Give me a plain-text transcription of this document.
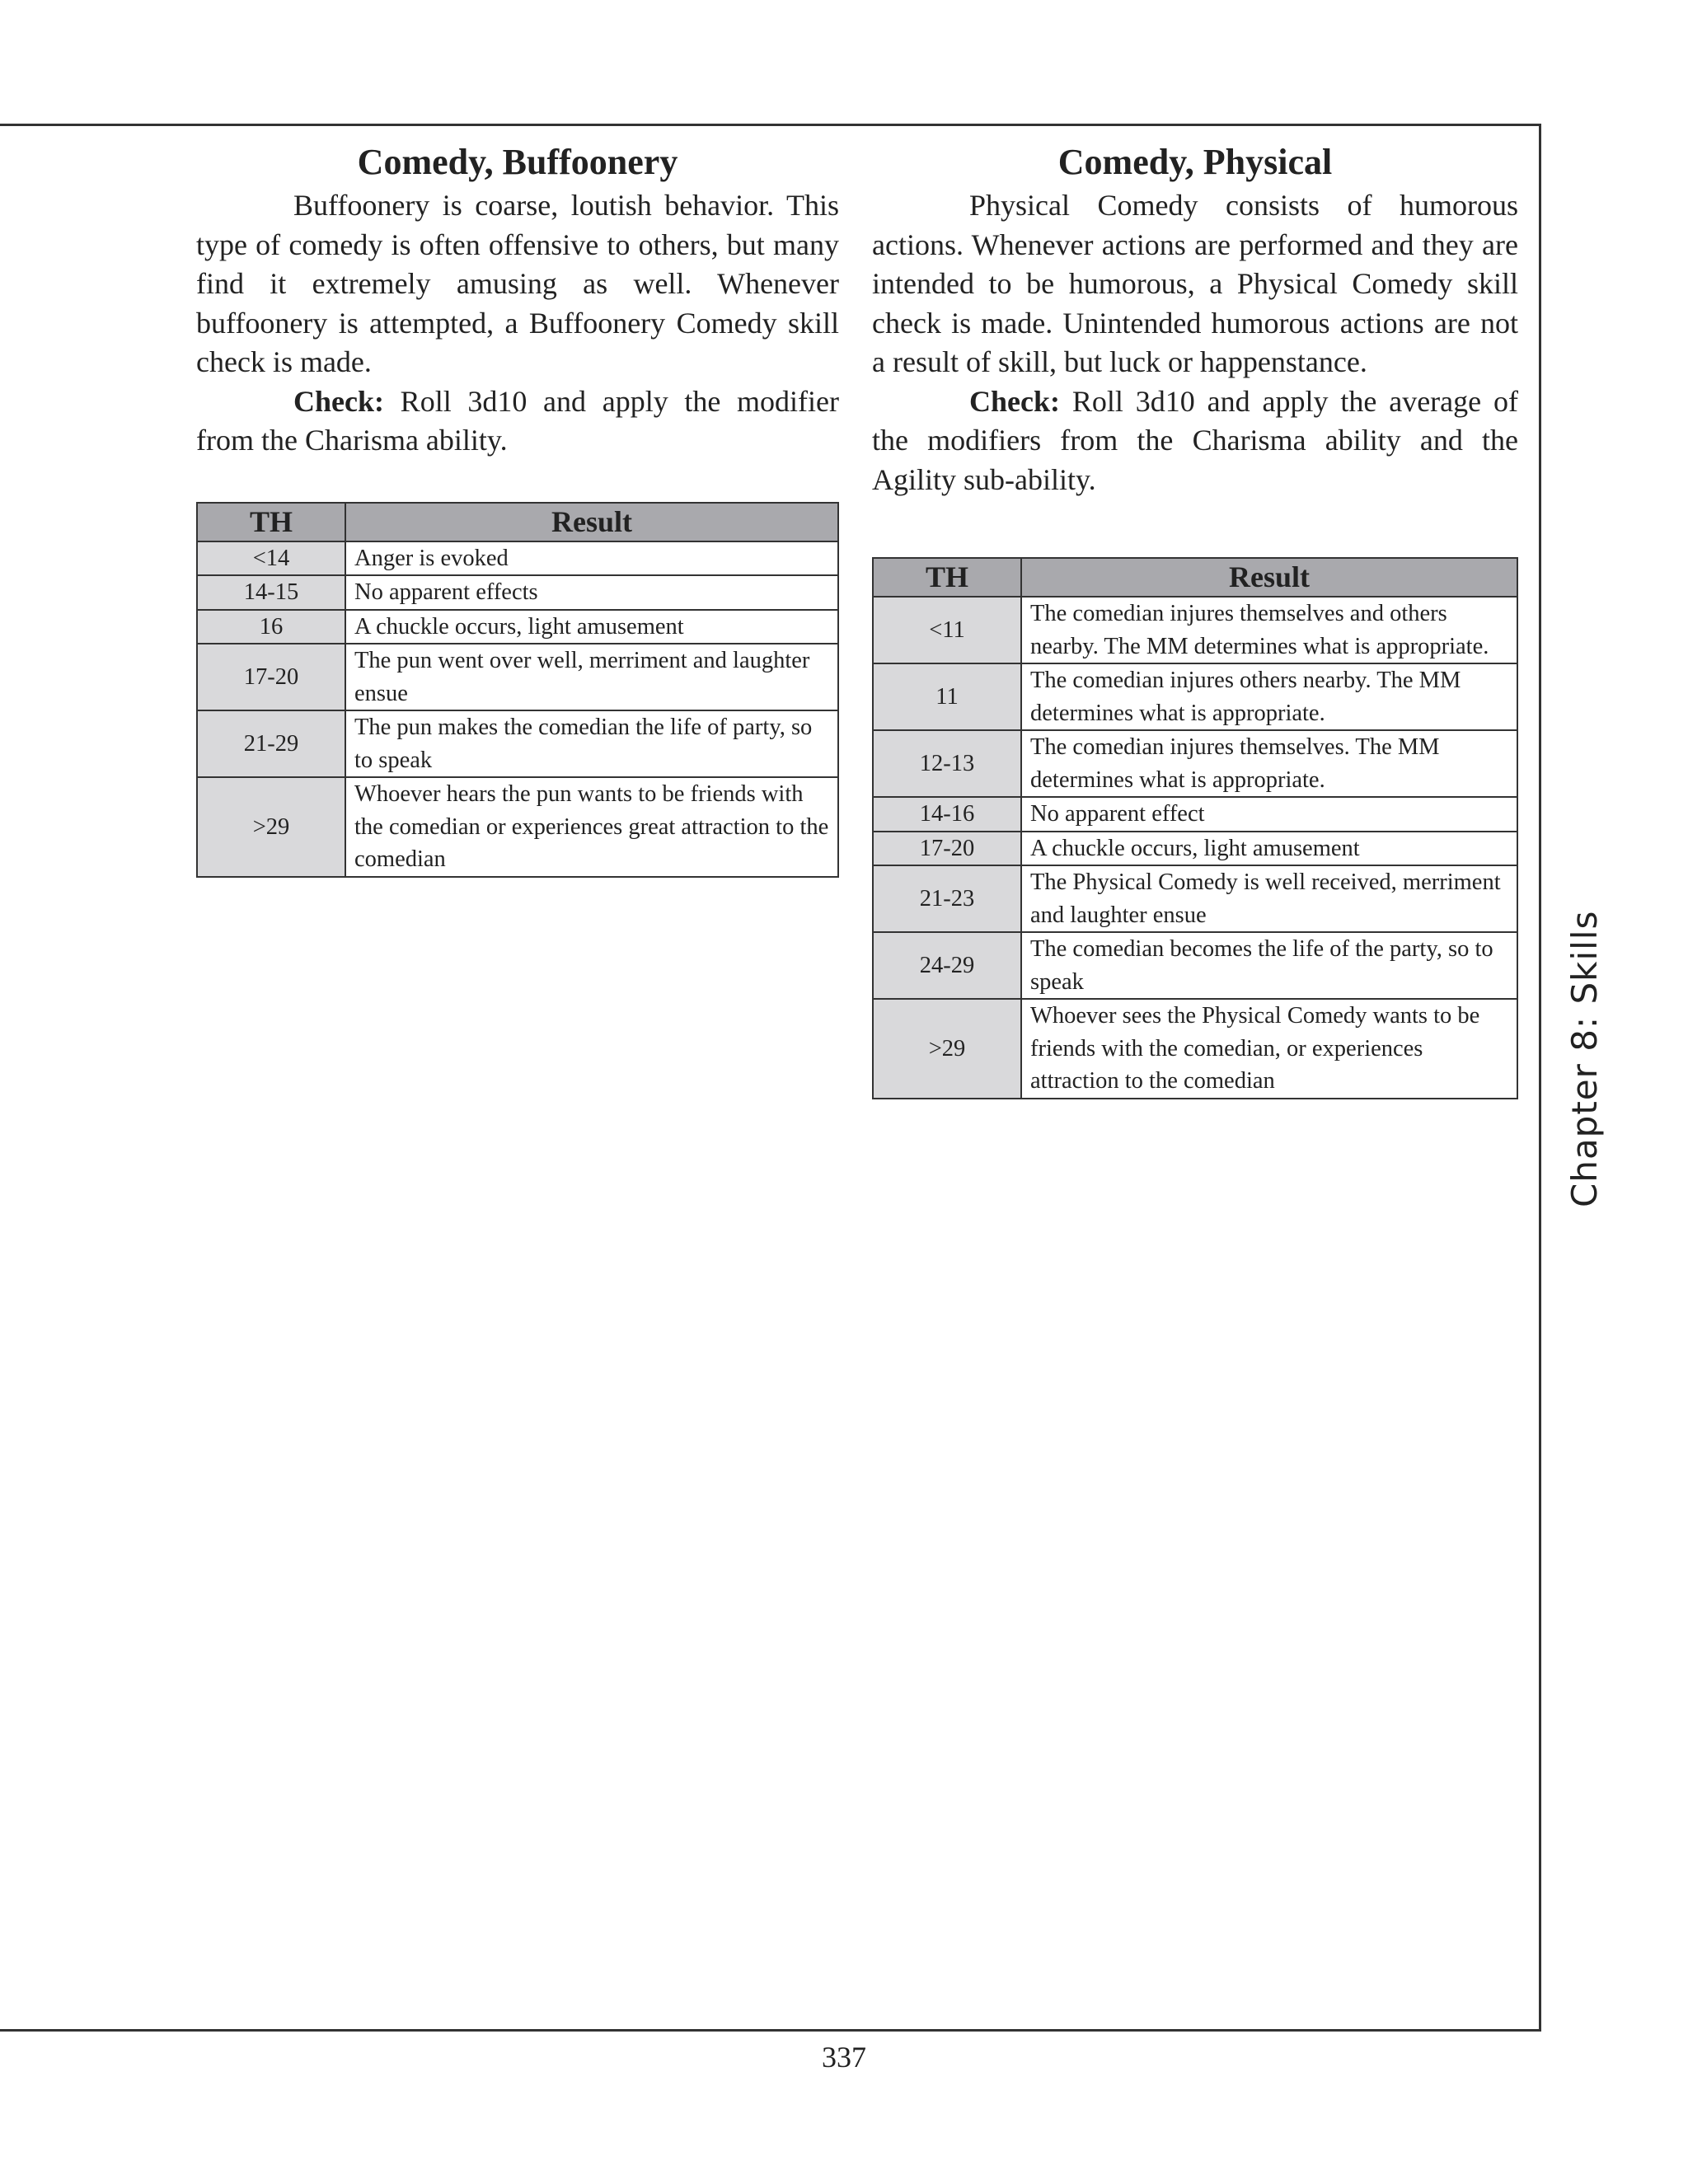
Comedy, Buffoonery

Buffoonery is coarse, loutish behavior. This type of comedy is often offensive to others, but many find it extremely amusing as well. Whenever buffoonery is attempted, a Buffoonery Comedy skill check is made.

Check: Roll 3d10 and apply the modifier from the Charisma ability.

TH	Result
<14	Anger is evoked
14-15	No apparent effects
16	A chuckle occurs, light amusement
17-20	The pun went over well, merriment and laughter ensue
21-29	The pun makes the comedian the life of party, so to speak
>29	Whoever hears the pun wants to be friends with the comedian or experiences great attraction to the comedian
Comedy, Physical

Physical Comedy consists of humorous actions. Whenever actions are performed and they are intended to be humorous, a Physical Comedy skill check is made. Unintended humorous actions are not a result of skill, but luck or happenstance.

Check: Roll 3d10 and apply the average of the modifiers from the Charisma ability and the Agility sub-ability.

TH	Result
<11	The comedian injures themselves and others nearby. The MM determines what is appropriate.
11	The comedian injures others nearby. The MM determines what is appropriate.
12-13	The comedian injures themselves. The MM determines what is appropriate.
14-16	No apparent effect
17-20	A chuckle occurs, light amusement
21-23	The Physical Comedy is well received, merriment and laughter ensue
24-29	The comedian becomes the life of the party, so to speak
>29	Whoever sees the Physical Comedy wants to be friends with the comedian, or experiences attraction to the comedian	Chapter 8: Skills
337
